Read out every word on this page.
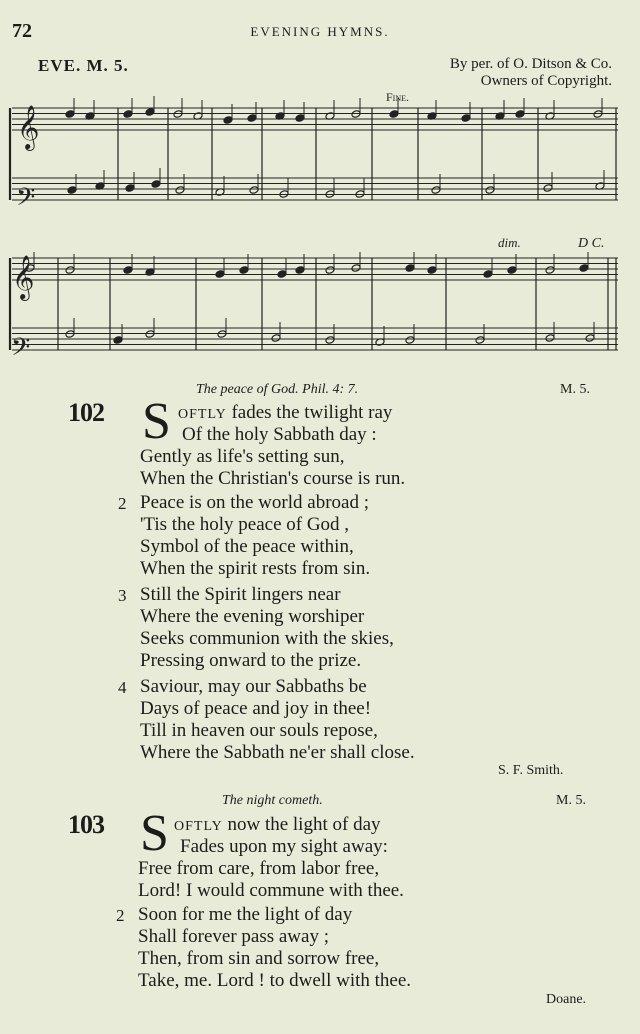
72	EVENING HYMNS.
EVE. M. 5.	By per. of O. Ditson & Co.
Owners of Copyright.
Fine.
dim.	D C.
𝄞
𝄢
𝄞
𝄢
The peace of God. Phil. 4: 7.	M. 5.
102 S OFTLY fades the twilight ray
Of the holy Sabbath day :
Gently as life's setting sun,
When the Christian's course is run.
2 Peace is on the world abroad ;
'Tis the holy peace of God ,
Symbol of the peace within,
When the spirit rests from sin.
3 Still the Spirit lingers near
Where the evening worshiper
Seeks communion with the skies,
Pressing onward to the prize.
4 Saviour, may our Sabbaths be
Days of peace and joy in thee!
Till in heaven our souls repose,
Where the Sabbath ne'er shall close.
S. F. Smith.
The night cometh.	M. 5.
103 S OFTLY now the light of day
Fades upon my sight away:
Free from care, from labor free,
Lord! I would commune with thee.
2 Soon for me the light of day
Shall forever pass away ;
Then, from sin and sorrow free,
Take, me. Lord ! to dwell with thee.
Doane.
